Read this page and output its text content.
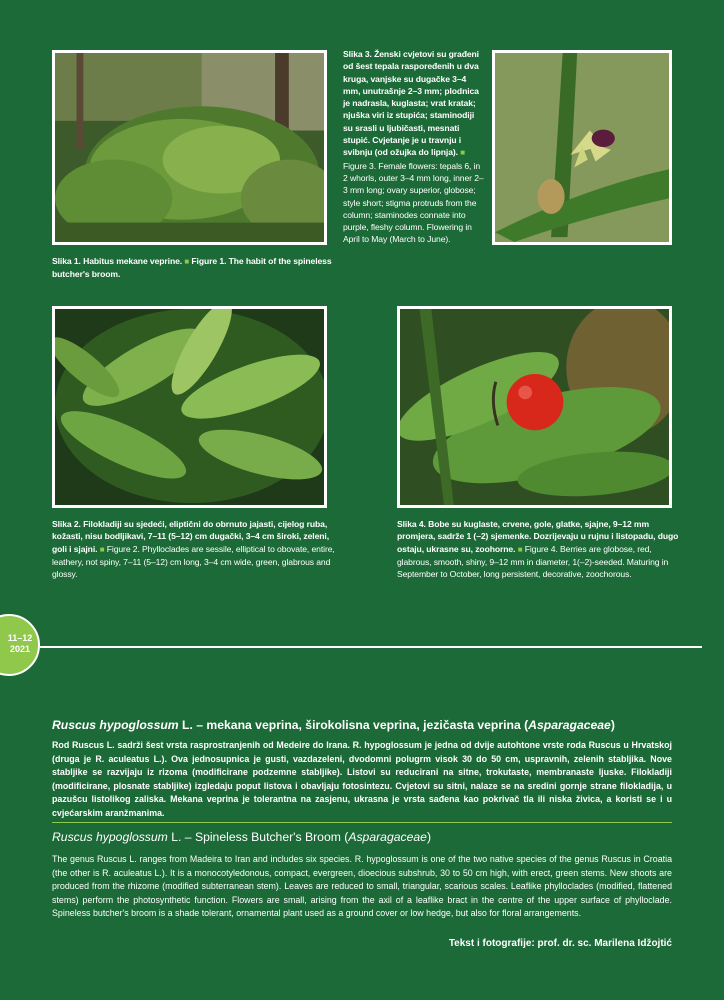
Slika 1. Habitus mekane veprine. ■ Figure 1. The habit of the spineless butcher's broom.
Slika 3. Ženski cvjetovi su građeni od šest tepala raspoređenih u dva kruga, vanjske su dugačke 3–4 mm, unutrašnje 2–3 mm; plodnica je nadrasla, kuglasta; vrat kratak; njuška viri iz stupića; staminodiji su srasli u ljubičasti, mesnati stupić. Cvjetanje je u travnju i svibnju (od ožujka do lipnja). ■ Figure 3. Female flowers: tepals 6, in 2 whorls, outer 3–4 mm long, inner 2–3 mm long; ovary superior, globose; style short; stigma protruds from the column; staminodes connate into purple, fleshy column. Flowering in April to May (March to June).
Slika 2. Filokladiji su sjedeći, eliptični do obrnuto jajasti, cijelog ruba, kožasti, nisu bodljikavi, 7–11 (5–12) cm dugački, 3–4 cm široki, zeleni, goli i sjajni. ■ Figure 2. Phylloclades are sessile, elliptical to obovate, entire, leathery, not spiny, 7–11 (5–12) cm long, 3–4 cm wide, green, glabrous and glossy.
Slika 4. Bobe su kuglaste, crvene, gole, glatke, sjajne, 9–12 mm promjera, sadrže 1 (–2) sjemenke. Dozrijevaju u rujnu i listopadu, dugo ostaju, ukrasne su, zoohorne. ■ Figure 4. Berries are globose, red, glabrous, smooth, shiny, 9–12 mm in diameter, 1(–2)-seeded. Maturing in September to October, long persistent, decorative, zoochorous.
11–12
2021
Ruscus hypoglossum L. – mekana veprina, širokolisna veprina, jezičasta veprina (Asparagaceae)
Rod Ruscus L. sadrži šest vrsta rasprostranjenih od Medeire do Irana. R. hypoglossum je jedna od dvije autohtone vrste roda Ruscus u Hrvatskoj (druga je R. aculeatus L.). Ova jednosupnica je gusti, vazdazeleni, dvodomni polugrm visok 30 do 50 cm, uspravnih, zelenih stabljika. Nove stabljike se razvijaju iz rizoma (modificirane podzemne stabljike). Listovi su reducirani na sitne, trokutaste, membranaste ljuske. Filokladiji (modificirane, plosnate stabljike) izgledaju poput listova i obavljaju fotosintezu. Cvjetovi su sitni, nalaze se na sredini gornje strane filokladija, u pazušcu listolikog zaliska. Mekana veprina je tolerantna na zasjenu, ukrasna je vrsta sađena kao pokrivač tla ili niska živica, a koristi se i u cvjećarskim aranžmanima.
Ruscus hypoglossum L. – Spineless Butcher's Broom (Asparagaceae)
The genus Ruscus L. ranges from Madeira to Iran and includes six species. R. hypoglossum is one of the two native species of the genus Ruscus in Croatia (the other is R. aculeatus L.). It is a monocotyledonous, compact, evergreen, dioecious subshrub, 30 to 50 cm high, with erect, green stems. New shoots are produced from the rhizome (modified subterranean stem). Leaves are reduced to small, triangular, scarious scales. Leaflike phylloclades (modified, flattened stems) perform the photosynthetic function. Flowers are small, arising from the axil of a leaflike bract in the centre of the upper surface of phylloclade. Spineless butcher's broom is a shade tolerant, ornamental plant used as a ground cover or low hedge, but also for floral arrangements.
Tekst i fotografije: prof. dr. sc. Marilena Idžojtić
